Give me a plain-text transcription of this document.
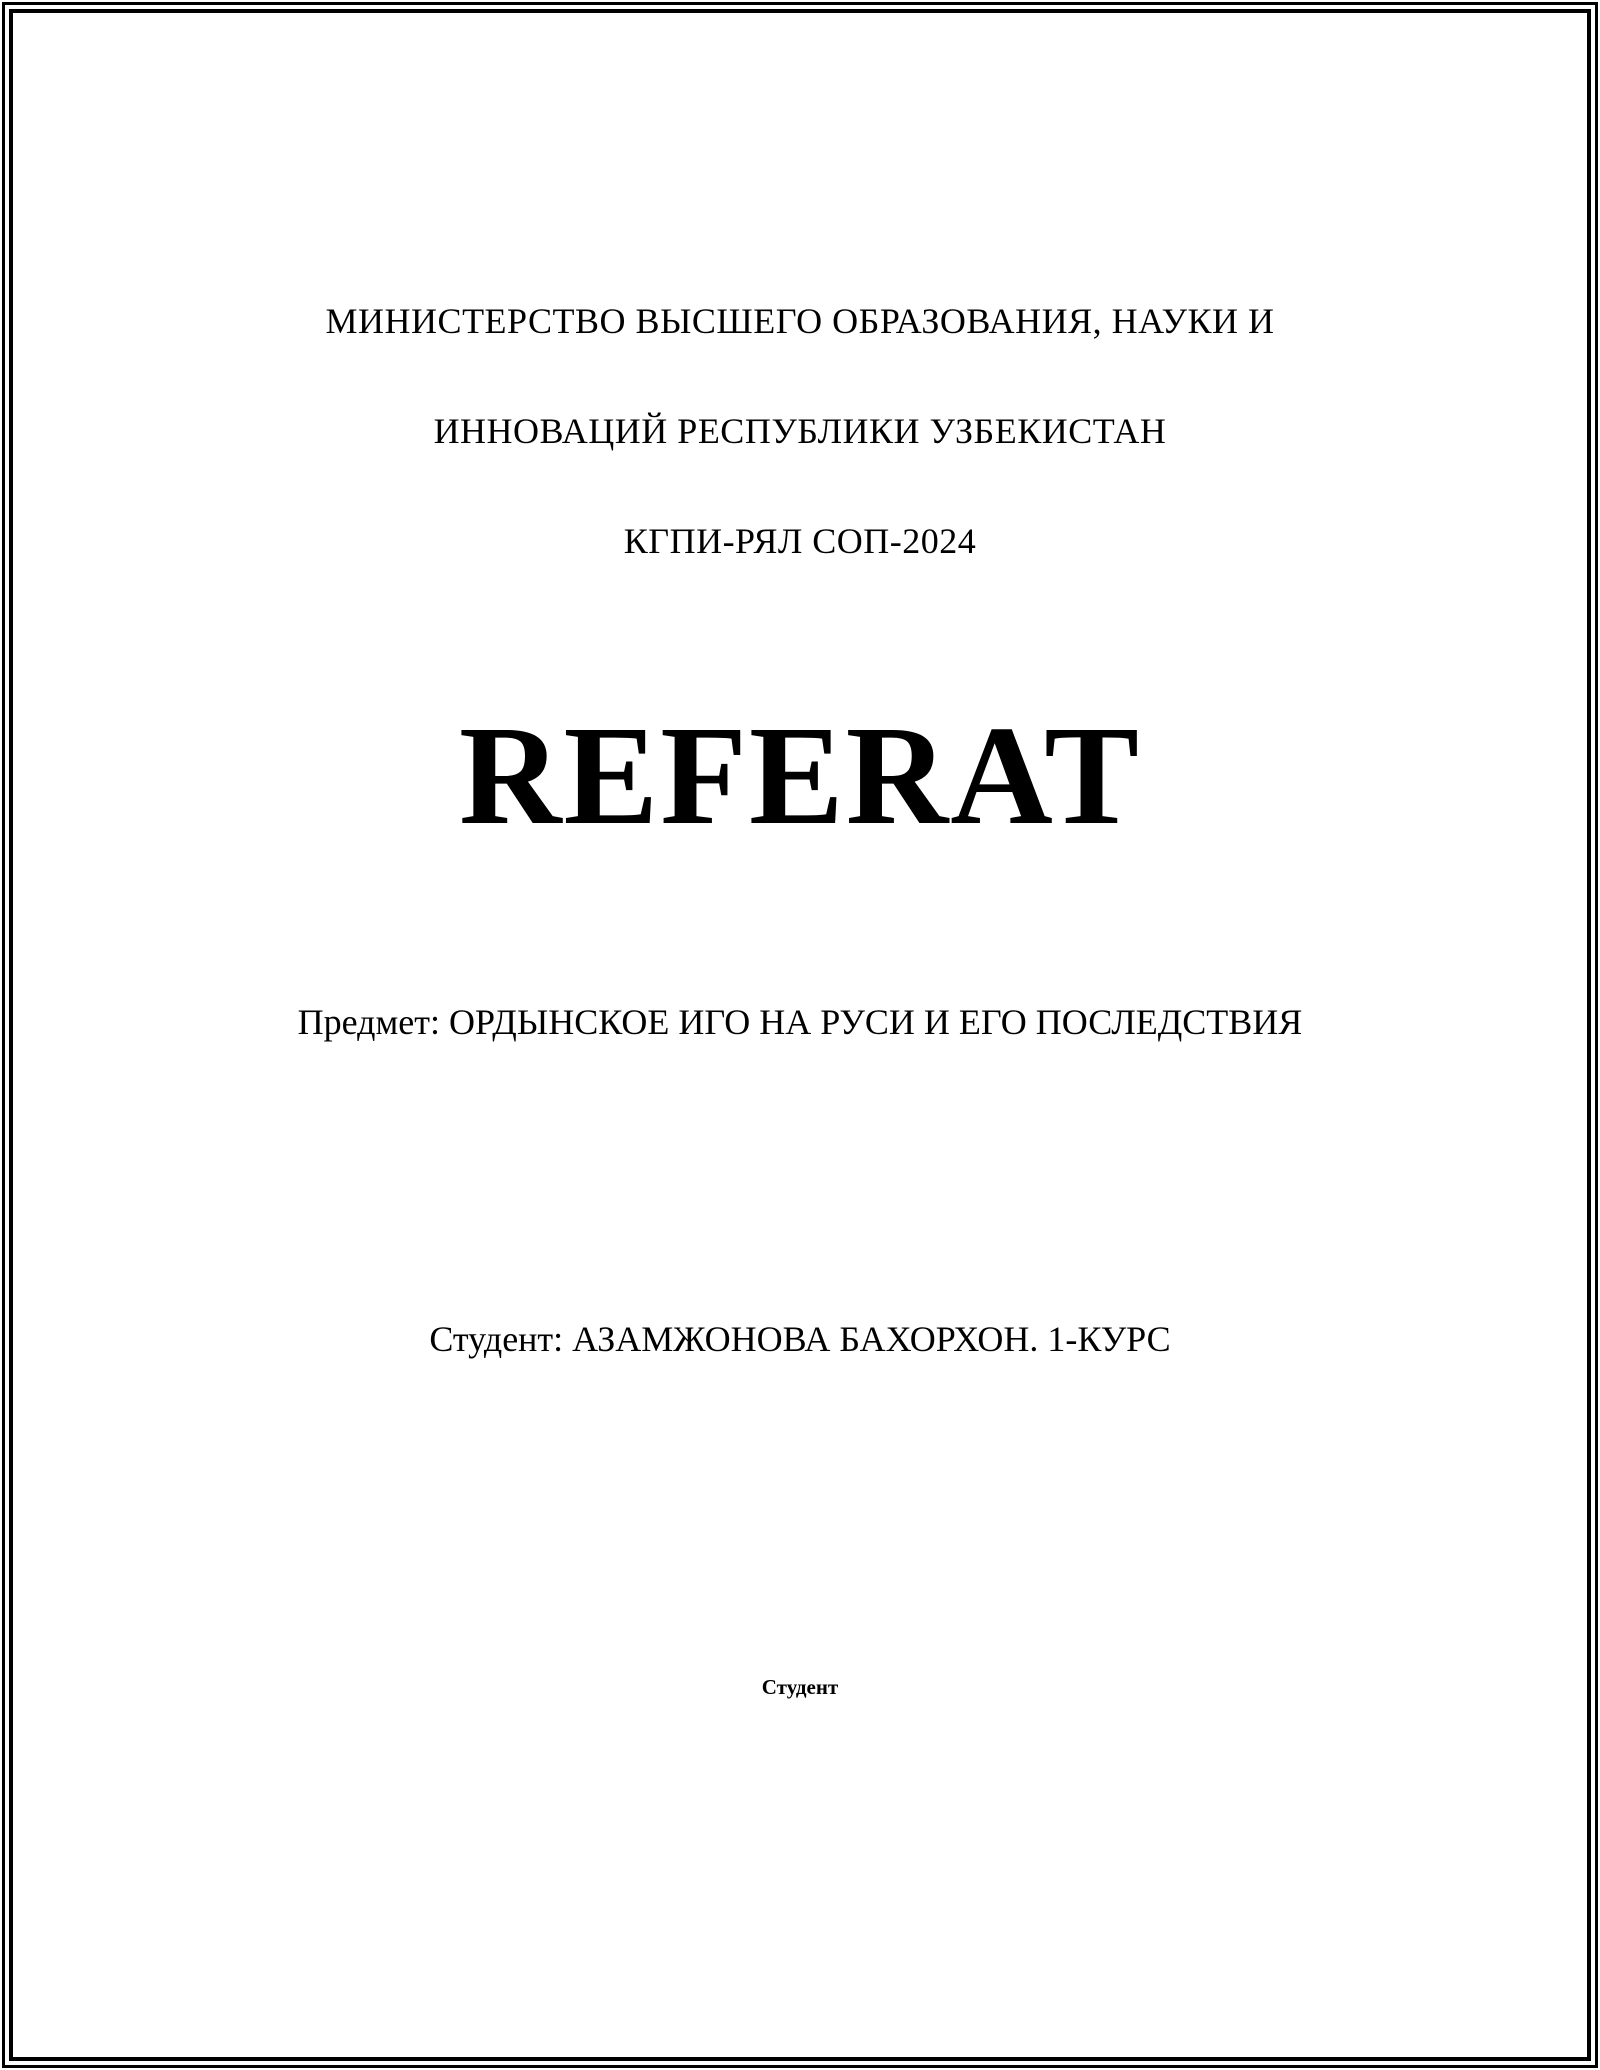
МИНИСТЕРСТВО ВЫСШЕГО ОБРАЗОВАНИЯ, НАУКИ И

ИННОВАЦИЙ РЕСПУБЛИКИ УЗБЕКИСТАН

КГПИ-РЯЛ СОП-2024

REFERAT
Предмет: ОРДЫНСКОЕ ИГО НА РУСИ И ЕГО ПОСЛЕДСТВИЯ
Студент: АЗАМЖОНОВА БАХОРХОН. 1-КУРС
Студент
